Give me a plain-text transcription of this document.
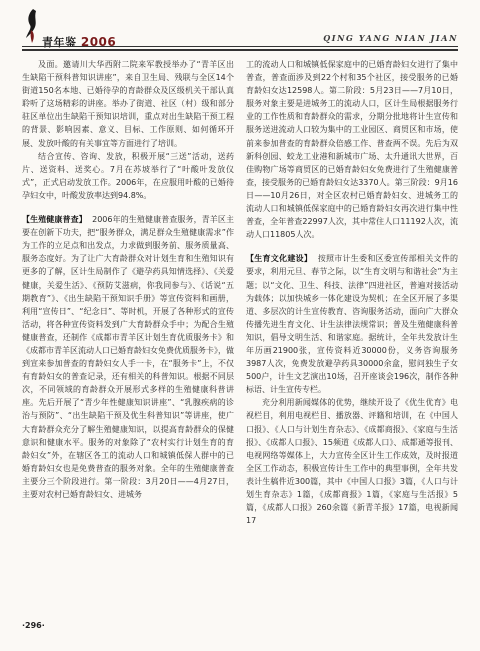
青年鉴 2006	QING YANG NIAN JIAN

及面。邀请川大华西附二院来军教授举办了“青羊区出生缺陷干预科普知识讲座”，来自卫生局、残联与全区14个街道150名本地、已婚待孕的育龄群众及区级机关干部认真聆听了这场精彩的讲座。举办了街道、社区（村）级和部分驻区单位出生缺陷干预知识培训，重点对出生缺陷干预工程的背景、影响因素、意义、目标、工作原则、如何循环开展、发放叶酸的有关事宜等方面进行了培训。

结合宣传、咨询、发放，积极开展“三送”活动，送药片、送资料、送奖心。7月在苏坡举行了“叶酸叶发放仪式”，正式启动发放工作。2006年，在应服用叶酸的已婚待孕妇女中，叶酸发放率达到94.8%。

【生殖健康普查】 2006年的生殖健康普查服务，青羊区主要在创新下功夫，把“服务群众，满足群众生殖健康需求”作为工作的立足点和出发点，力求做到服务前、服务质量高、服务态度好。为了让广大育龄群众对计划生育和生殖知识有更多的了解，区计生局制作了《避孕药具知情选择》、《关爱健康，关爱生活》、《预防艾滋病，你我同参与》、《话说“五期教育”》、《出生缺陷干预知识手册》等宣传资料和画册，利用“宣传日”、“纪念日”、等时机，开展了各种形式的宣传活动，将各种宣传资料发到广大育龄群众手中；为配合生殖健康普查，还制作《成都市青羊区计划生育优质服务卡》和《成都市青羊区流动人口已婚育龄妇女免费优质服务卡》，做到宣来参加普查的育龄妇女人手一卡，在“服务卡”上，不仅有育龄妇女的普查记录，还有相关的科普知识。根据不同层次，不同领域的育龄群众开展形式多样的生殖健康科普讲座。先后开展了“青少年性健康知识讲座”、“乳腺疾病的诊治与预防”、“出生缺陷干预及优生科普知识”等讲座，使广大育龄群众充分了解生殖健康知识，以提高育龄群众的保健意识和健康水平。服务的对象除了“农村实行计划生育的育龄妇女”外，在辖区各工的流动人口和城镇低保人群中的已婚育龄妇女也是免费普查的服务对象。全年的生殖健康普查主要分三个阶段进行。第一阶段：3月20日——4月27日，主要对农村已婚育龄妇女、进城务

工的流动人口和城镇低保家庭中的已婚育龄妇女进行了集中普查，普查面涉及到22个村和35个社区，接受服务的已婚育龄妇女达12598人。第二阶段：5月23日——7月10日，服务对象主要是进城务工的流动人口，区计生局根据服务行业的工作性质和育龄群众的需求，分期分批地将计生宣传和服务送进流动人口较为集中的工业园区、商贸区和市场，使前来参加普查的育龄群众倍感工作、普查两不误。先后为双新科创园、蛟龙工业港和新城市广场、太升通讯大世界，百佳购物广场等商贸区的已婚育龄妇女免费进行了生殖健康普查，接受服务的已婚育龄妇女达3370人。第三阶段：9月16日——10月26日，对全区农村已婚育龄妇女、进城务工的流动人口和城镇低保家庭中的已婚育龄妇女再次进行集中性普查，全年普查22997人次，其中常住人口11192人次，流动人口11805人次。

【生育文化建设】 按照市计生委和区委宣传部相关文件的要求，利用元旦、春节之际，以“生育文明与和谐社会”为主题；以“文化、卫生、科技、法律”四进社区，普遍对接活动为载体；以加快城乡一体化建设为契机；在全区开展了多渠道、多层次的计生宣传教育、咨询服务活动，面向广大群众传播先进生育文化、计生法律法规常识；普及生殖健康科普知识，倡导文明生活、和谐家庭。据统计，全年共发放计生年历画21900张，宣传资料近30000份，义务咨询服务3987人次，免费发放避孕药具30000余盒，慰问独生子女500户，计生文艺演出10场，召开座谈会196次，制作各种标语、计生宣传专栏。

充分利用新闻媒体的优势，继续开设了《优生优育》电视栏目，利用电视栏目、播放器、评籍和培训，在《中国人口报》、《人口与计划生育杂志》、《成都商报》、《家庭与生活报》、《成都人口报》、15频道《成都人口》、成都通等报刊、电视网络等媒体上，大力宣传全区计生工作成效，及时报道全区工作动态，积极宣传计生工作中的典型事例，全年共发表计生稿件近300篇，其中《中国人口报》3篇，《人口与计划生育杂志》1篇，《成都商报》1篇，《家庭与生活报》5篇，《成都人口报》260余篇《新青羊报》17篇，电视新闻17

·296·
